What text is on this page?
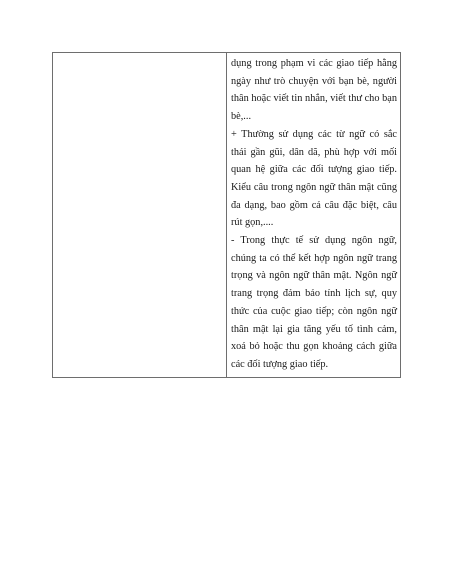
dụng trong phạm vi các giao tiếp hằng ngày như trò chuyện với bạn bè, người thân hoặc viết tin nhắn, viết thư cho bạn bè,...

+ Thường sử dụng các từ ngữ có sắc thái gần gũi, dân dã, phù hợp với mối quan hệ giữa các đối tượng giao tiếp. Kiểu câu trong ngôn ngữ thân mật cũng đa dạng, bao gồm cả câu đặc biệt, câu rút gọn,....

- Trong thực tế sử dụng ngôn ngữ, chúng ta có thể kết hợp ngôn ngữ trang trọng và ngôn ngữ thân mật. Ngôn ngữ trang trọng đảm bảo tính lịch sự, quy thức của cuộc giao tiếp; còn ngôn ngữ thân mật lại gia tăng yếu tố tình cảm, xoá bỏ hoặc thu gọn khoảng cách giữa các đối tượng giao tiếp.
